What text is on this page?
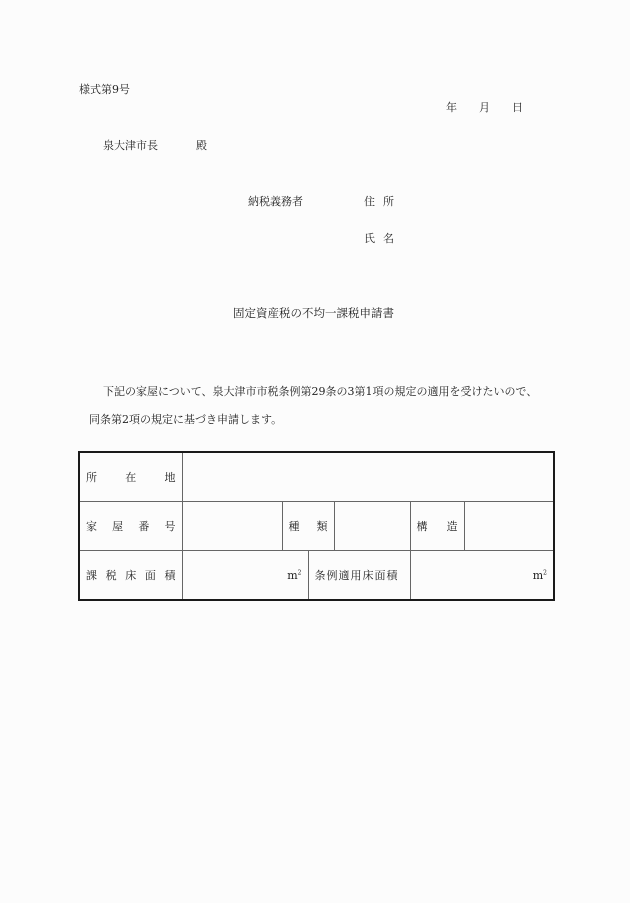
様式第9号
年 月 日
泉大津市長	殿
納税義務者	住所
氏名
固定資産税の不均一課税申請書
下記の家屋について、泉大津市市税条例第29条の3第1項の規定の適用を受けたいので、
同条第2項の規定に基づき申請します。
所 在 地						

家 屋 番 号		種 類			構 造	

課 税 床 面 積	$m^2$		条例適用床面積		$m^2$
